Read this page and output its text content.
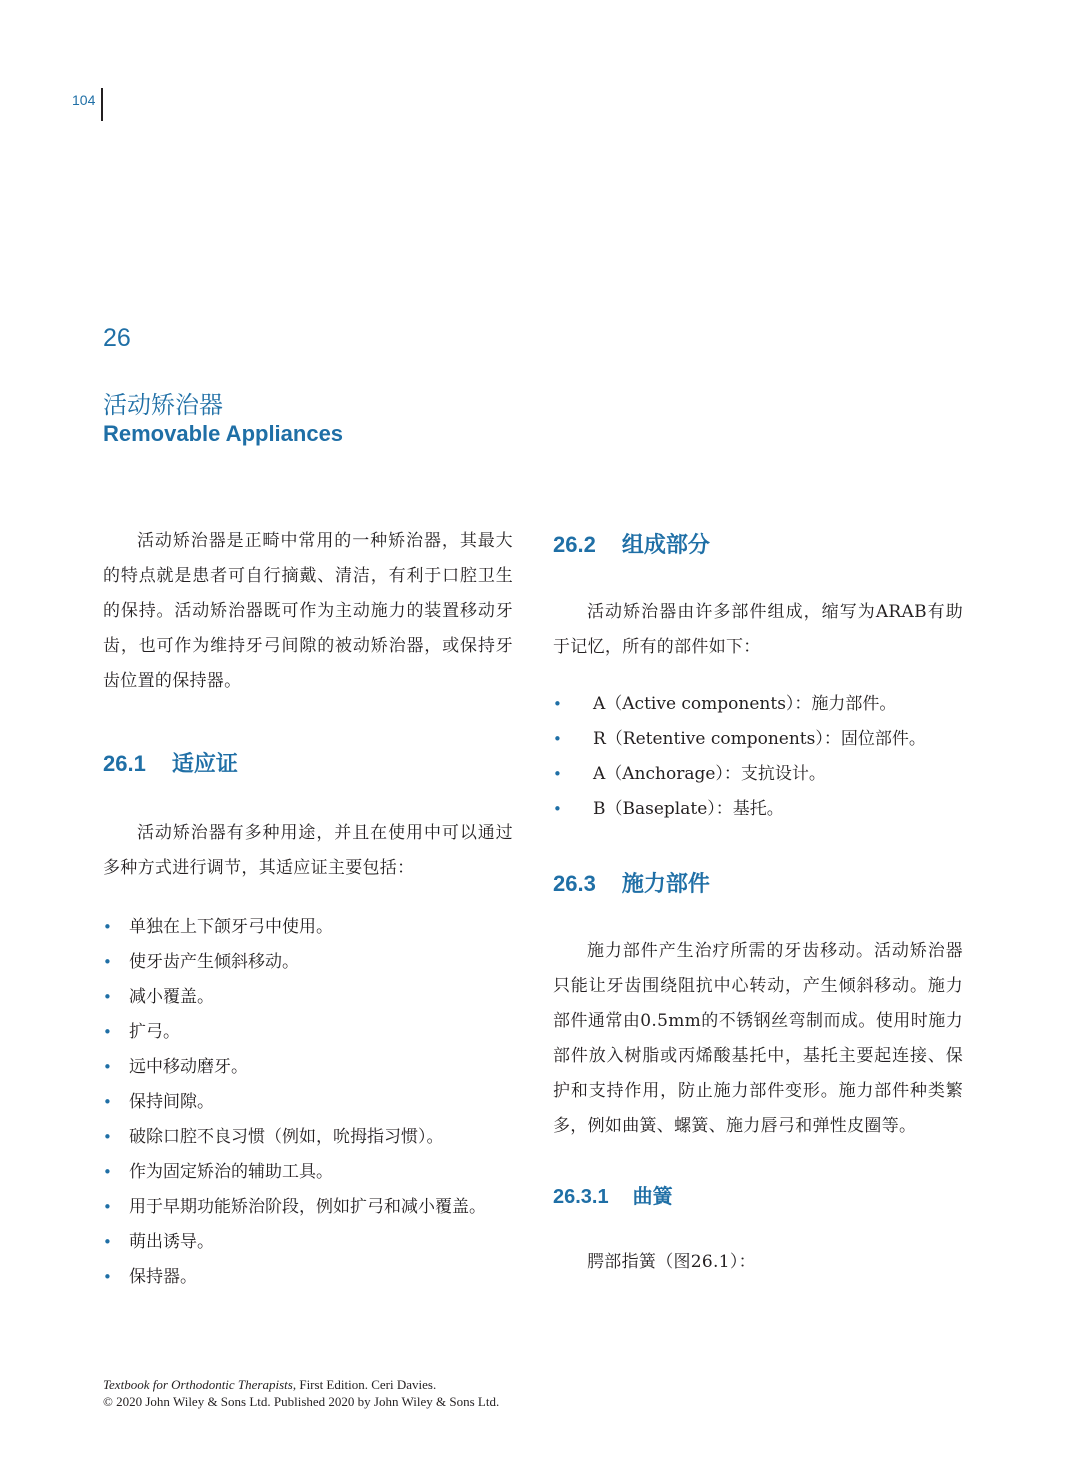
104
26
活动矫治器
Removable Appliances

活动矫治器是正畸中常用的一种矫治器，其最大的特点就是患者可自行摘戴、清洁，有利于口腔卫生的保持。活动矫治器既可作为主动施力的装置移动牙齿，也可作为维持牙弓间隙的被动矫治器，或保持牙齿位置的保持器。

26.1 适应证

活动矫治器有多种用途，并且在使用中可以通过多种方式进行调节，其适应证主要包括：

• 单独在上下颌牙弓中使用。
• 使牙齿产生倾斜移动。
• 减小覆盖。
• 扩弓。
• 远中移动磨牙。
• 保持间隙。
• 破除口腔不良习惯（例如，吮拇指习惯）。
• 作为固定矫治的辅助工具。
• 用于早期功能矫治阶段，例如扩弓和减小覆盖。
• 萌出诱导。
• 保持器。
26.2 组成部分

活动矫治器由许多部件组成，缩写为ARAB有助于记忆，所有的部件如下：

• A（Active components）：施力部件。
• R（Retentive components）：固位部件。
• A（Anchorage）：支抗设计。
• B（Baseplate）：基托。
26.3 施力部件

施力部件产生治疗所需的牙齿移动。活动矫治器只能让牙齿围绕阻抗中心转动，产生倾斜移动。施力部件通常由0.5mm的不锈钢丝弯制而成。使用时施力部件放入树脂或丙烯酸基托中，基托主要起连接、保护和支持作用，防止施力部件变形。施力部件种类繁多，例如曲簧、螺簧、施力唇弓和弹性皮圈等。

26.3.1 曲簧

腭部指簧（图26.1）：

Textbook for Orthodontic Therapists, First Edition. Ceri Davies.
© 2020 John Wiley & Sons Ltd. Published 2020 by John Wiley & Sons Ltd.
